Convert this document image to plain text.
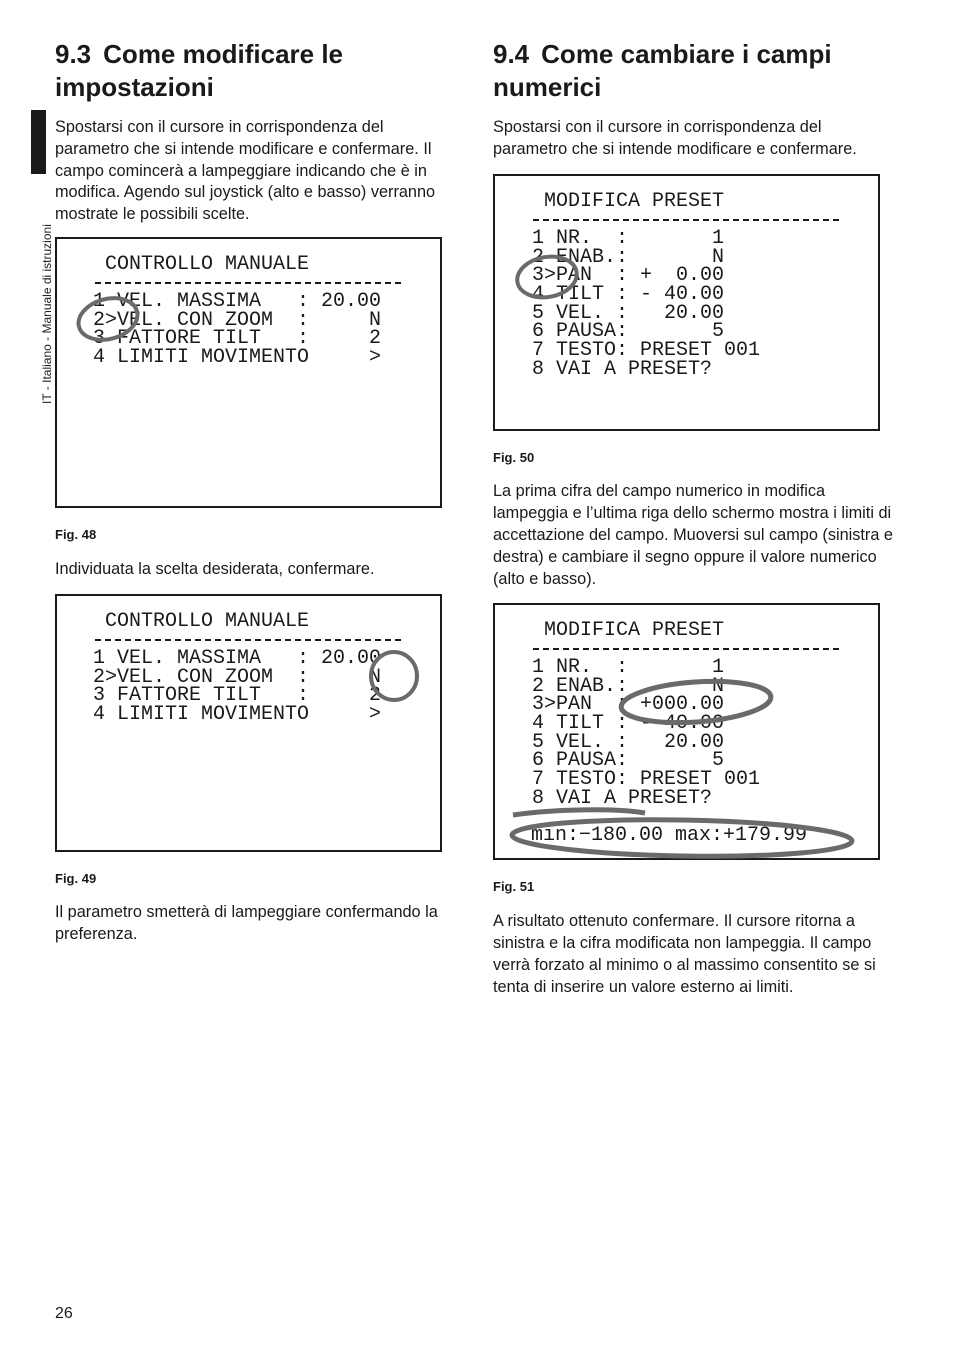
IT - Italiano - Manuale di istruzioni
9.3 Come modificare le impostazioni

Spostarsi con il cursore in corrispondenza del parametro che si intende modificare e confermare. Il campo comincerà a lampeggiare indicando che è in modifica. Agendo sul joystick (alto e basso) verranno mostrate le possibili scelte.

CONTROLLO MANUALE
1 VEL. MASSIMA   : 20.00
2>VEL. CON ZOOM  :     N
3 FATTORE TILT   :     2
4 LIMITI MOVIMENTO     >

Fig. 48

Individuata la scelta desiderata, confermare.

CONTROLLO MANUALE
1 VEL. MASSIMA   : 20.00
2>VEL. CON ZOOM  :     N
3 FATTORE TILT   :     2
4 LIMITI MOVIMENTO     >

Fig. 49

Il parametro smetterà di lampeggiare confermando la preferenza.

9.4 Come cambiare i campi numerici

Spostarsi con il cursore in corrispondenza del parametro che si intende modificare e confermare.

MODIFICA PRESET
1 NR.  :       1
2 ENAB.:       N
3>PAN  : +  0.00
4 TILT : - 40.00
5 VEL. :   20.00
6 PAUSA:       5
7 TESTO: PRESET 001
8 VAI A PRESET?

Fig. 50

La prima cifra del campo numerico in modifica lampeggia e l’ultima riga dello schermo mostra i limiti di accettazione del campo. Muoversi sul campo (sinistra e destra) e cambiare il segno oppure il valore numerico (alto e basso).

MODIFICA PRESET
1 NR.  :       1
2 ENAB.:       N
3>PAN  : +000.00
4 TILT : - 40.00
5 VEL. :   20.00
6 PAUSA:       5
7 TESTO: PRESET 001
8 VAI A PRESET?
min:−180.00 max:+179.99

Fig. 51

A risultato ottenuto confermare. Il cursore ritorna a sinistra e la cifra modificata non lampeggia. Il campo verrà forzato al minimo o al massimo consentito se si tenta di inserire un valore esterno ai limiti.

26
